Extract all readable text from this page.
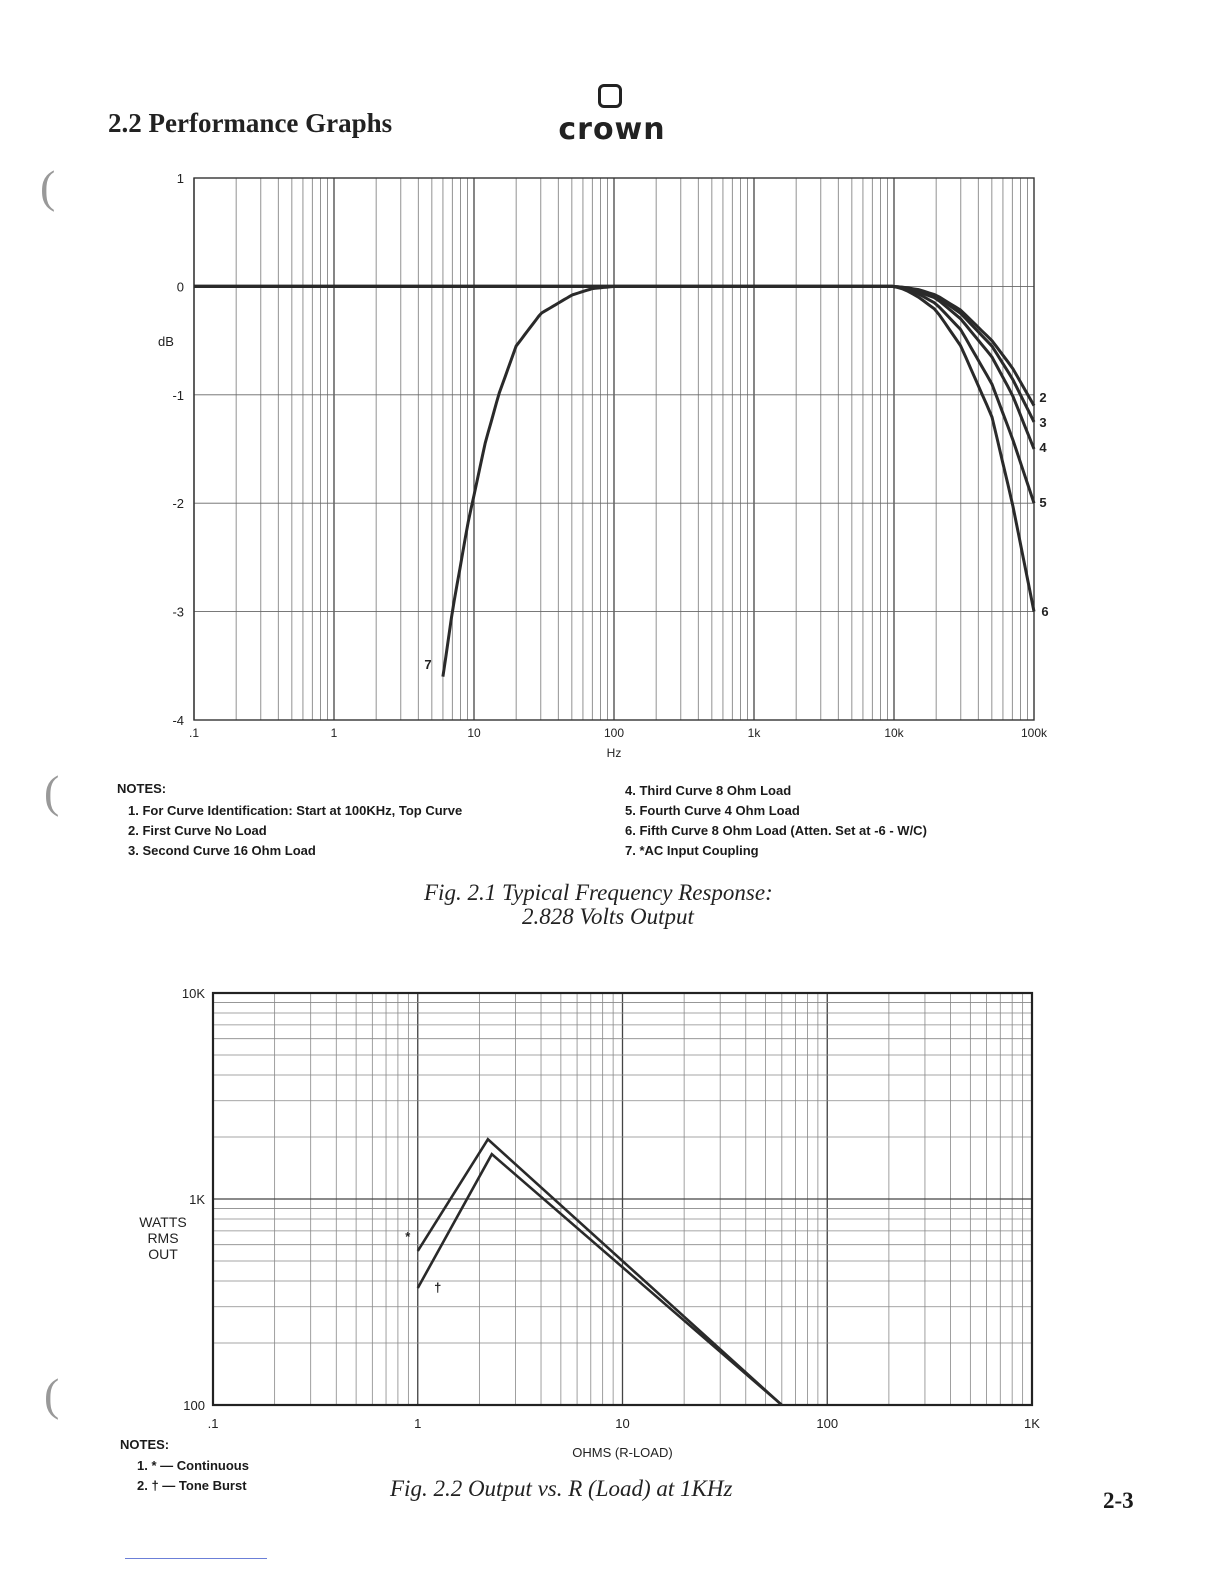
2.2 Performance Graphs	crown
(
(
(
1
0
-1
-2
-3
-4
.1	1	10	100	1k	10k	100k
Hz
dB
2
3
4
5
6
7
NOTES:
1. For Curve Identification: Start at 100KHz, Top Curve
2. First Curve No Load
3. Second Curve 16 Ohm Load
4. Third Curve 8 Ohm Load
5. Fourth Curve 4 Ohm Load
6. Fifth Curve 8 Ohm Load (Atten. Set at -6 - W/C)
7. *AC Input Coupling
Fig. 2.1 Typical Frequency Response:
2.828 Volts Output
10K
1K
100
.1	1	10	100	1K
OHMS (R-LOAD)
WATTS
RMS
OUT
*
†
NOTES:
1. * — Continuous
2. † — Tone Burst	Fig. 2.2 Output vs. R (Load) at 1KHz	2-3
